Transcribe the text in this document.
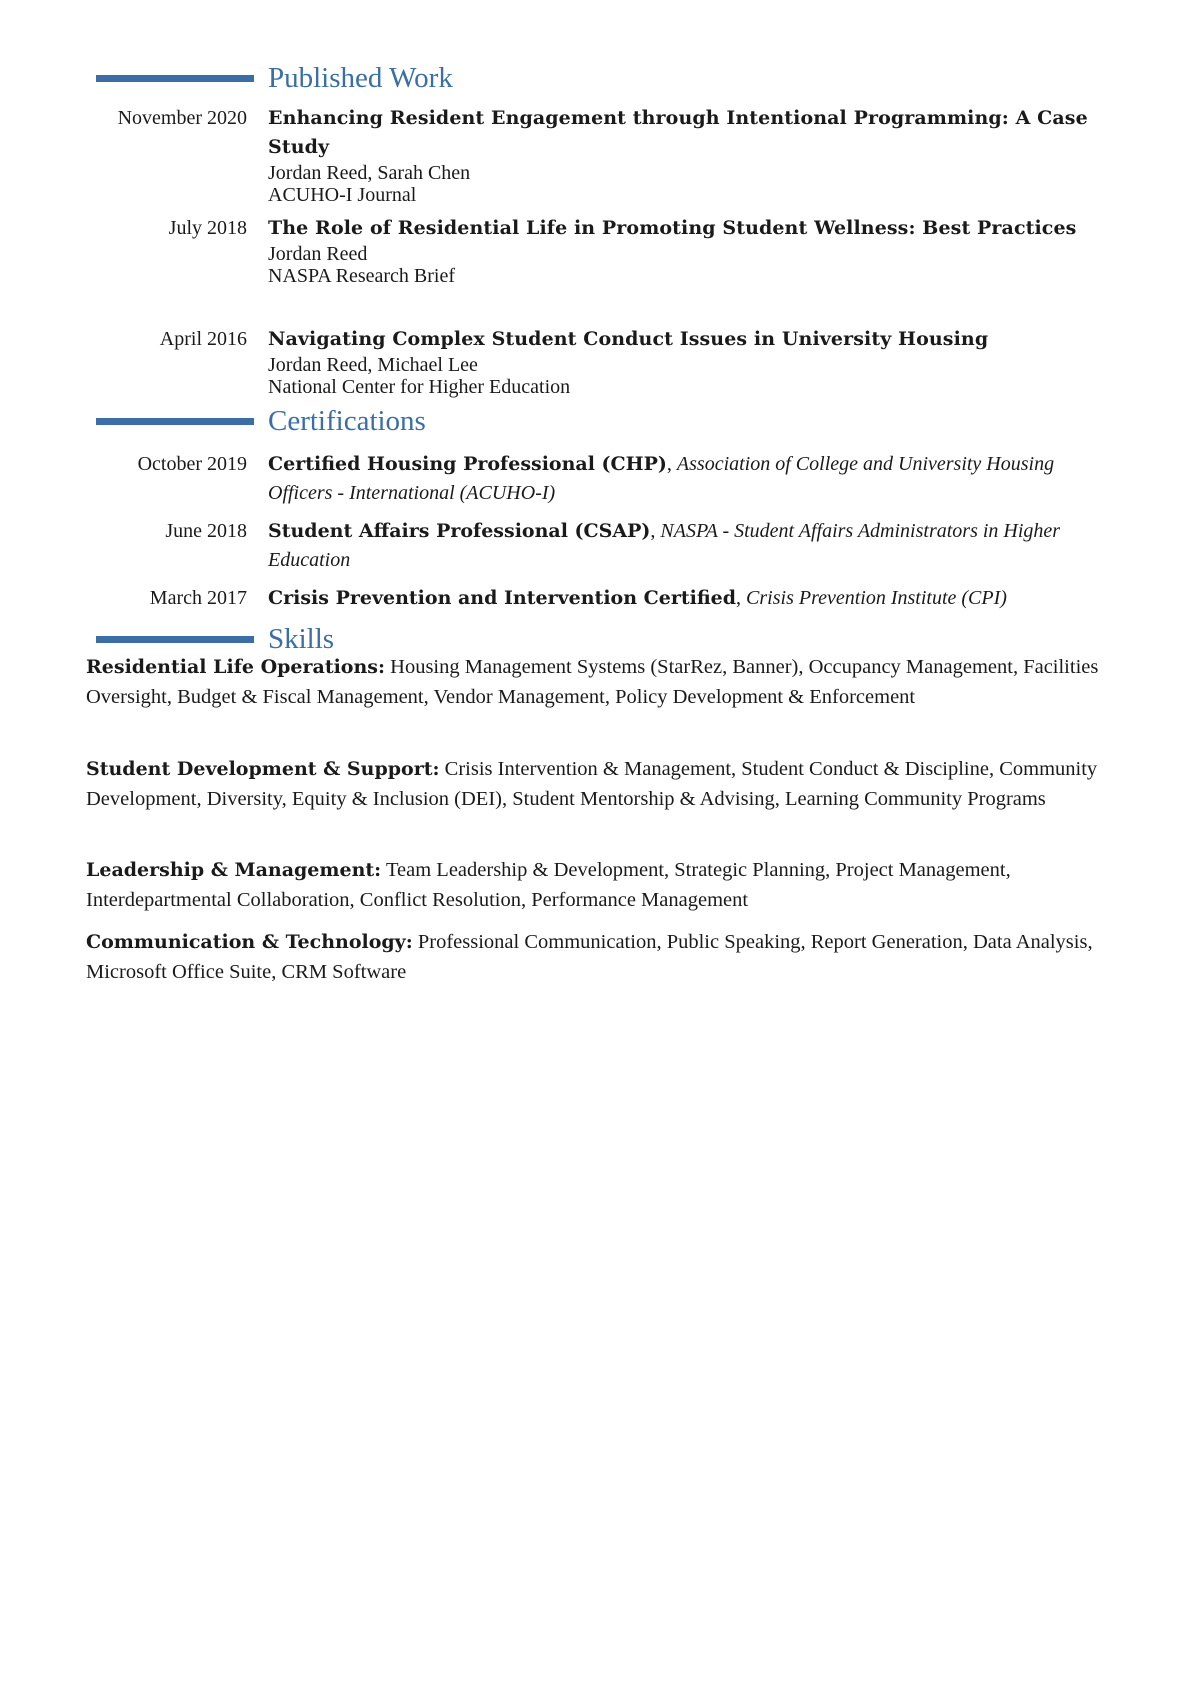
Published Work
November 2020 Enhancing Resident Engagement through Intentional Programming: A Case Study
Jordan Reed, Sarah Chen
ACUHO-I Journal
July 2018 The Role of Residential Life in Promoting Student Wellness: Best Practices
Jordan Reed
NASPA Research Brief
April 2016 Navigating Complex Student Conduct Issues in University Housing
Jordan Reed, Michael Lee
National Center for Higher Education
Certifications
October 2019 Certified Housing Professional (CHP), Association of College and University Housing Officers - International (ACUHO-I)
June 2018 Student Affairs Professional (CSAP), NASPA - Student Affairs Administrators in Higher Education
March 2017 Crisis Prevention and Intervention Certified, Crisis Prevention Institute (CPI)
Skills
Residential Life Operations: Housing Management Systems (StarRez, Banner), Occupancy Management, Facilities Oversight, Budget & Fiscal Management, Vendor Management, Policy Development & Enforcement
Student Development & Support: Crisis Intervention & Management, Student Conduct & Discipline, Community Development, Diversity, Equity & Inclusion (DEI), Student Mentorship & Advising, Learning Community Programs
Leadership & Management: Team Leadership & Development, Strategic Planning, Project Management, Interdepartmental Collaboration, Conflict Resolution, Performance Management
Communication & Technology: Professional Communication, Public Speaking, Report Generation, Data Analysis, Microsoft Office Suite, CRM Software
